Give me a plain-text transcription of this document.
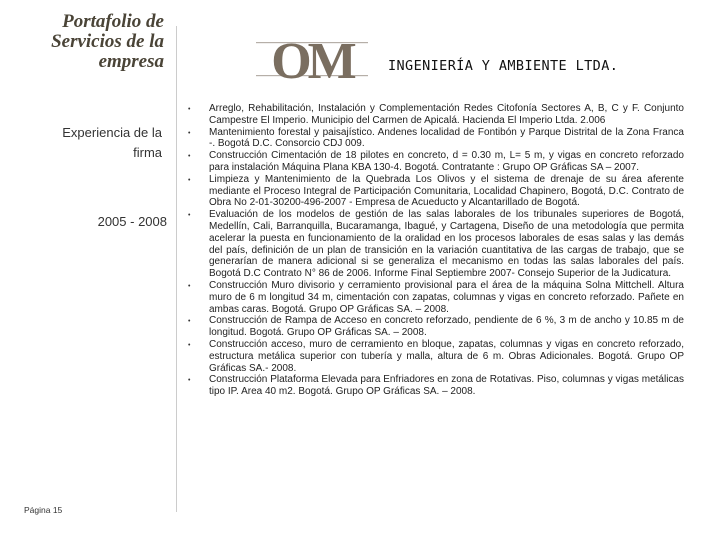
Portafolio de Servicios de la empresa OM	INGENIERÍA Y AMBIENTE LTDA.
Experiencia de la firma
2005 - 2008
Página 15
• Arreglo, Rehabilitación, Instalación y Complementación Redes Citofonía Sectores A, B, C y F. Conjunto Campestre El Imperio. Municipio del Carmen de Apicalá. Hacienda El Imperio Ltda. 2.006
• Mantenimiento forestal y paisajístico. Andenes localidad de Fontibón y Parque Distrital de la Zona Franca -. Bogotá D.C. Consorcio CDJ 009.
• Construcción Cimentación de 18 pilotes en concreto, d = 0.30 m, L= 5 m, y vigas en concreto reforzado para instalación Máquina Plana KBA 130-4. Bogotá. Contratante : Grupo OP Gráficas SA – 2007.
• Limpieza y Mantenimiento de la Quebrada Los Olivos y el sistema de drenaje de su área aferente mediante el Proceso Integral de Participación Comunitaria, Localidad Chapinero, Bogotá, D.C. Contrato de Obra No 2-01-30200-496-2007 - Empresa de Acueducto y Alcantarillado de Bogotá.
• Evaluación de los modelos de gestión de las salas laborales de los tribunales superiores de Bogotá, Medellín, Cali, Barranquilla, Bucaramanga, Ibagué, y Cartagena, Diseño de una metodología que permita acelerar la puesta en funcionamiento de la oralidad en los procesos laborales de esas salas y las demás del país, definición de un plan de transición en la variación cuantitativa de las cargas de trabajo, que se generarían de manera adicional si se generaliza el mecanismo en todas las salas laborales del país. Bogotá D.C Contrato N° 86 de 2006. Informe Final Septiembre 2007- Consejo Superior de la Judicatura.
• Construcción Muro divisorio y cerramiento provisional para el área de la máquina Solna Mittchell. Altura muro de 6 m longitud 34 m, cimentación con zapatas, columnas y vigas en concreto reforzado. Pañete en ambas caras. Bogotá. Grupo OP Gráficas SA. – 2008.
• Construcción de Rampa de Acceso en concreto reforzado, pendiente de 6 %, 3 m de ancho y 10.85 m de longitud. Bogotá. Grupo OP Gráficas SA. – 2008.
• Construcción acceso, muro de cerramiento en bloque, zapatas, columnas y vigas en concreto reforzado, estructura metálica superior con tubería y malla, altura de 6 m. Obras Adicionales. Bogotá. Grupo OP Gráficas SA.- 2008.
• Construcción Plataforma Elevada para Enfriadores en zona de Rotativas. Piso, columnas y vigas metálicas tipo IP. Area 40 m2. Bogotá. Grupo OP Gráficas SA. – 2008.
